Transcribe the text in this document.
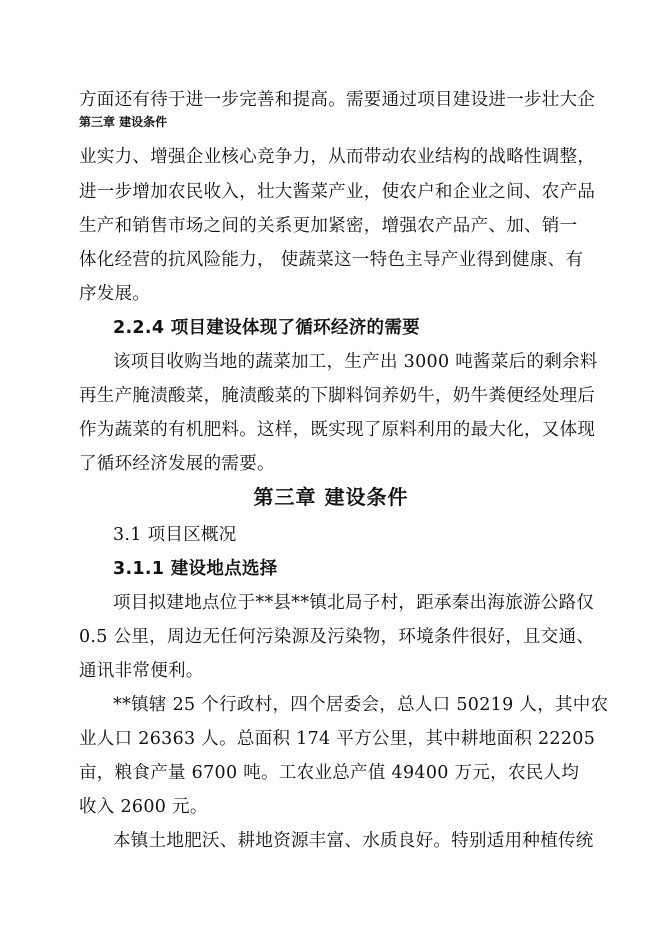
方面还有待于进一步完善和提高。需要通过项目建设进一步壮大企
第三章 建设条件
业实力、增强企业核心竞争力，从而带动农业结构的战略性调整，
进一步增加农民收入，壮大酱菜产业，使农户和企业之间、农产品
生产和销售市场之间的关系更加紧密，增强农产品产、加、销一
体化经营的抗风险能力， 使蔬菜这一特色主导产业得到健康、有
序发展。
2.2.4 项目建设体现了循环经济的需要
该项目收购当地的蔬菜加工，生产出 3000 吨酱菜后的剩余料
再生产腌渍酸菜，腌渍酸菜的下脚料饲养奶牛，奶牛粪便经处理后
作为蔬菜的有机肥料。这样，既实现了原料利用的最大化，又体现
了循环经济发展的需要。
第三章 建设条件
3.1 项目区概况
3.1.1 建设地点选择
项目拟建地点位于**县**镇北局子村，距承秦出海旅游公路仅
0.5 公里，周边无任何污染源及污染物，环境条件很好，且交通、
通讯非常便利。
**镇辖 25 个行政村，四个居委会，总人口 50219 人，其中农
业人口 26363 人。总面积 174 平方公里，其中耕地面积 22205
亩，粮食产量 6700 吨。工农业总产值 49400 万元，农民人均
收入 2600 元。
本镇土地肥沃、耕地资源丰富、水质良好。特别适用种植传统
